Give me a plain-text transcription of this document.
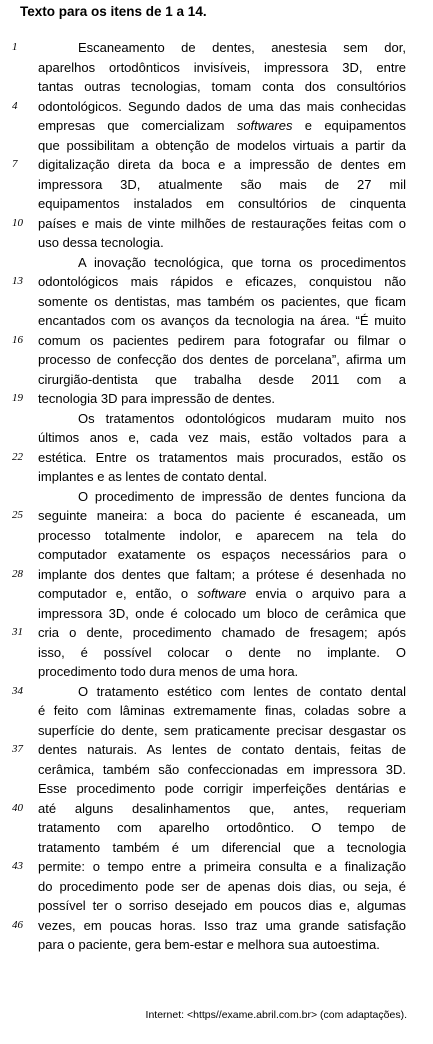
Texto para os itens de 1 a 14.
1	Escaneamento de dentes, anestesia sem dor,
aparelhos ortodônticos invisíveis, impressora 3D, entre
tantas outras tecnologias, tomam conta dos consultórios
4	odontológicos. Segundo dados de uma das mais conhecidas
empresas que comercializam softwares e equipamentos
que possibilitam a obtenção de modelos virtuais a partir da
7	digitalização direta da boca e a impressão de dentes em
impressora 3D, atualmente são mais de 27 mil
equipamentos instalados em consultórios de cinquenta
10	países e mais de vinte milhões de restaurações feitas com o
uso dessa tecnologia.
A inovação tecnológica, que torna os procedimentos
13	odontológicos mais rápidos e eficazes, conquistou não
somente os dentistas, mas também os pacientes, que ficam
encantados com os avanços da tecnologia na área. “É muito
16	comum os pacientes pedirem para fotografar ou filmar o
processo de confecção dos dentes de porcelana”, afirma um
cirurgião-dentista que trabalha desde 2011 com a
19	tecnologia 3D para impressão de dentes.
Os tratamentos odontológicos mudaram muito nos
últimos anos e, cada vez mais, estão voltados para a
22	estética. Entre os tratamentos mais procurados, estão os
implantes e as lentes de contato dental.
O procedimento de impressão de dentes funciona da
25	seguinte maneira: a boca do paciente é escaneada, um
processo totalmente indolor, e aparecem na tela do
computador exatamente os espaços necessários para o
28	implante dos dentes que faltam; a prótese é desenhada no
computador e, então, o software envia o arquivo para a
impressora 3D, onde é colocado um bloco de cerâmica que
31	cria o dente, procedimento chamado de fresagem; após
isso, é possível colocar o dente no implante. O
procedimento todo dura menos de uma hora.
34	O tratamento estético com lentes de contato dental
é feito com lâminas extremamente finas, coladas sobre a
superfície do dente, sem praticamente precisar desgastar os
37	dentes naturais. As lentes de contato dentais, feitas de
cerâmica, também são confeccionadas em impressora 3D.
Esse procedimento pode corrigir imperfeições dentárias e
40	até alguns desalinhamentos que, antes, requeriam
tratamento com aparelho ortodôntico. O tempo de
tratamento também é um diferencial que a tecnologia
43	permite: o tempo entre a primeira consulta e a finalização
do procedimento pode ser de apenas dois dias, ou seja, é
possível ter o sorriso desejado em poucos dias e, algumas
46	vezes, em poucas horas. Isso traz uma grande satisfação
para o paciente, gera bem-estar e melhora sua autoestima.
Internet: <https//exame.abril.com.br> (com adaptações).
